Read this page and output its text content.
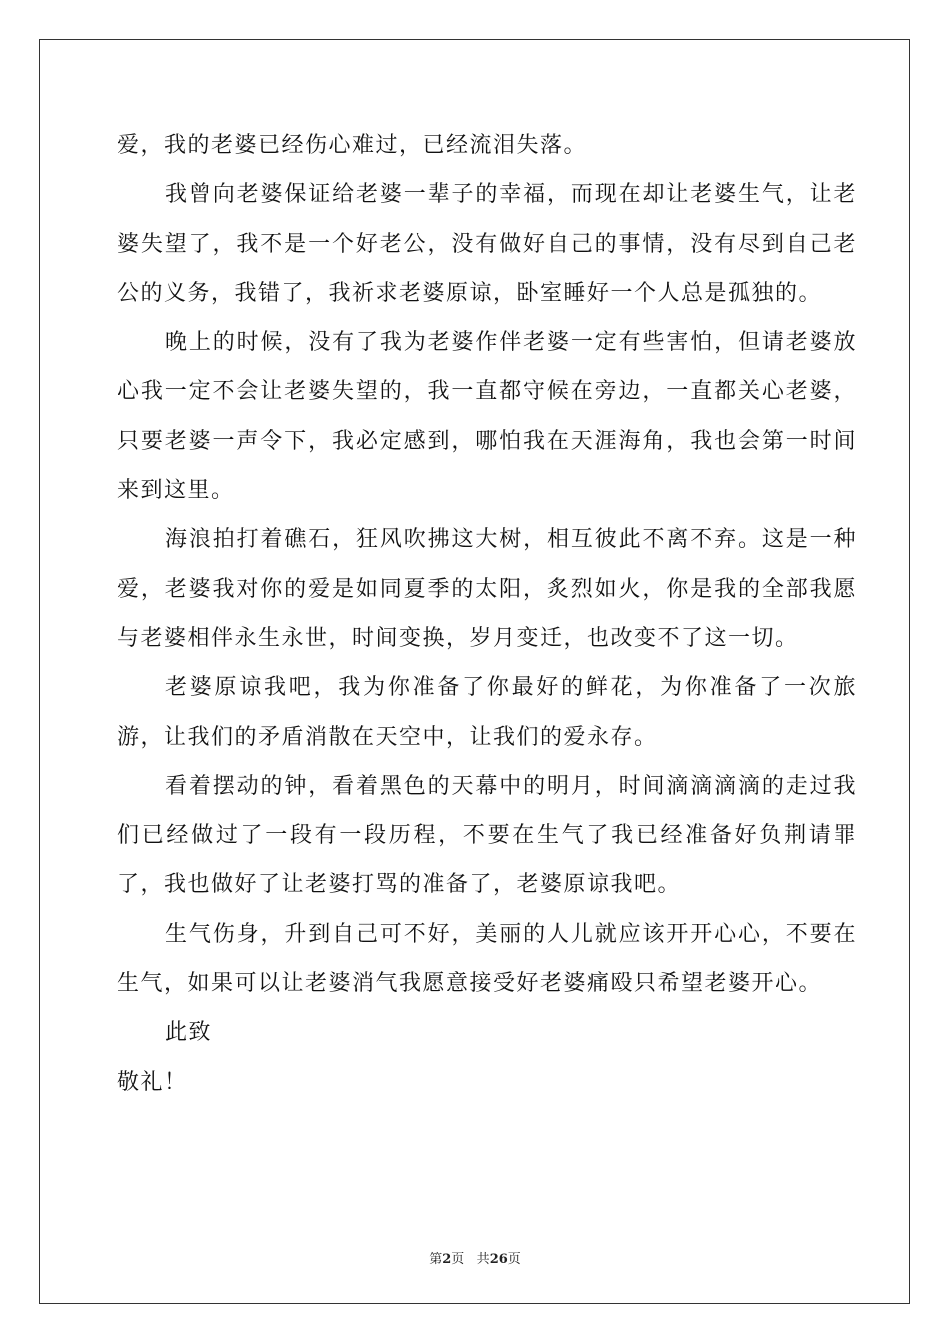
爱，我的老婆已经伤心难过，已经流泪失落。

我曾向老婆保证给老婆一辈子的幸福，而现在却让老婆生气，让老婆失望了，我不是一个好老公，没有做好自己的事情，没有尽到自己老公的义务，我错了，我祈求老婆原谅，卧室睡好一个人总是孤独的。

晚上的时候，没有了我为老婆作伴老婆一定有些害怕，但请老婆放心我一定不会让老婆失望的，我一直都守候在旁边，一直都关心老婆，只要老婆一声令下，我必定感到，哪怕我在天涯海角，我也会第一时间来到这里。

海浪拍打着礁石，狂风吹拂这大树，相互彼此不离不弃。这是一种爱，老婆我对你的爱是如同夏季的太阳，炙烈如火，你是我的全部我愿与老婆相伴永生永世，时间变换，岁月变迁，也改变不了这一切。

老婆原谅我吧，我为你准备了你最好的鲜花，为你准备了一次旅游，让我们的矛盾消散在天空中，让我们的爱永存。

看着摆动的钟，看着黑色的天幕中的明月，时间滴滴滴滴的走过我们已经做过了一段有一段历程，不要在生气了我已经准备好负荆请罪了，我也做好了让老婆打骂的准备了，老婆原谅我吧。

生气伤身，升到自己可不好，美丽的人儿就应该开开心心，不要在生气，如果可以让老婆消气我愿意接受好老婆痛殴只希望老婆开心。

此致

敬礼！

第2页 共26页
